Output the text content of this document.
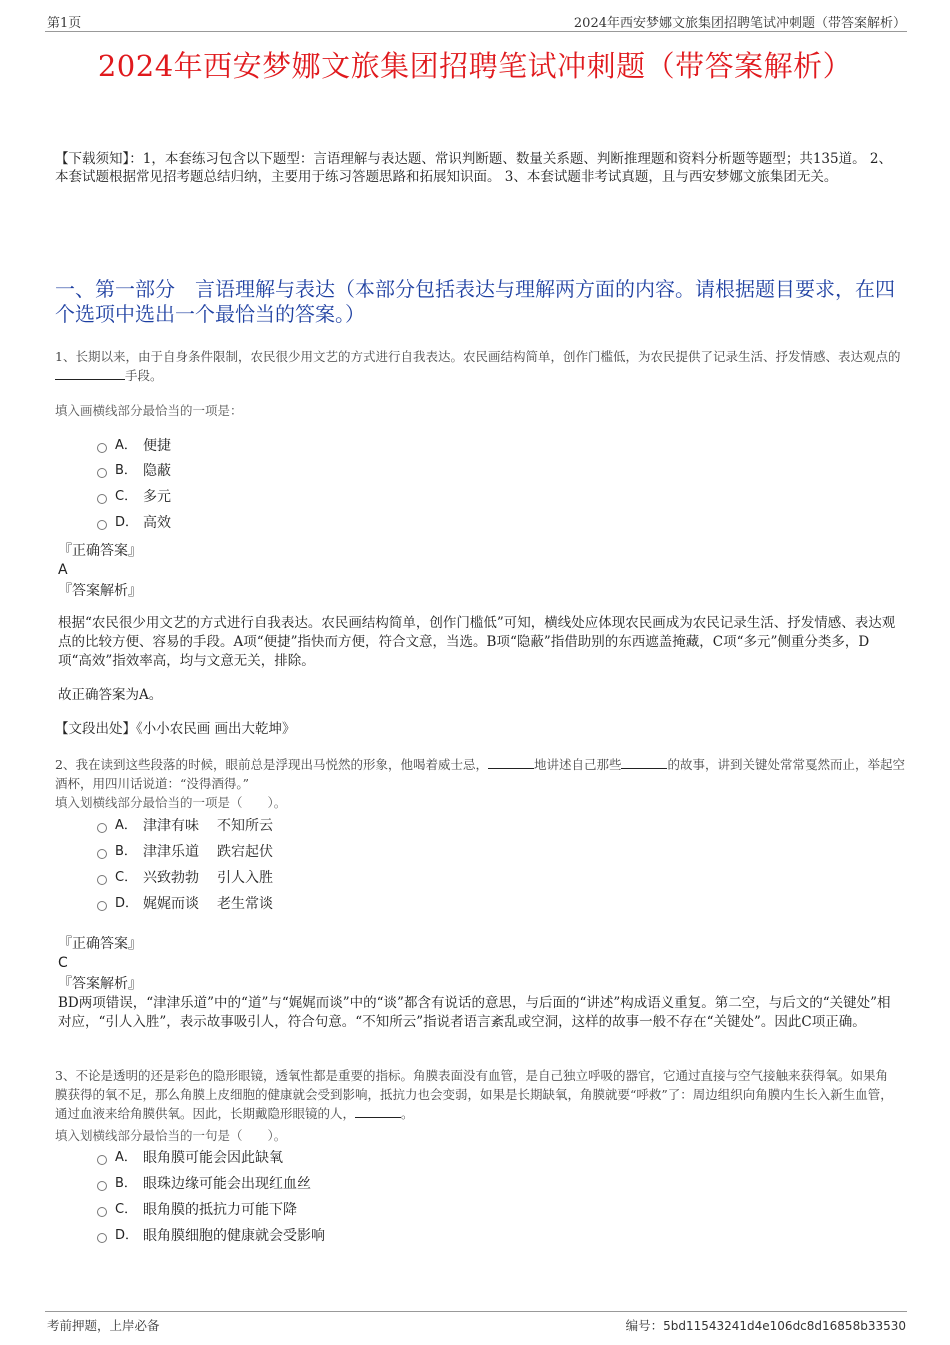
第1页	2024年西安梦娜文旅集团招聘笔试冲刺题（带答案解析）
2024年西安梦娜文旅集团招聘笔试冲刺题（带答案解析）
【下载须知】：1，本套练习包含以下题型：言语理解与表达题、常识判断题、数量关系题、判断推理题和资料分析题等题型；共135道。 2、本套试题根据常见招考题总结归纳，主要用于练习答题思路和拓展知识面。 3、本套试题非考试真题，且与西安梦娜文旅集团无关。
一、第一部分　言语理解与表达（本部分包括表达与理解两方面的内容。请根据题目要求，在四个选项中选出一个最恰当的答案。）
1、长期以来，由于自身条件限制，农民很少用文艺的方式进行自我表达。农民画结构简单，创作门槛低，为农民提供了记录生活、抒发情感、表达观点的手段。
填入画横线部分最恰当的一项是：
A． 便捷
B． 隐蔽
C． 多元
D． 高效
『正确答案』
A
『答案解析』
根据“农民很少用文艺的方式进行自我表达。农民画结构简单，创作门槛低”可知，横线处应体现农民画成为农民记录生活、抒发情感、表达观点的比较方便、容易的手段。A项“便捷”指快而方便，符合文意，当选。B项“隐蔽”指借助别的东西遮盖掩藏，C项“多元”侧重分类多，D项“高效”指效率高，均与文意无关，排除。
故正确答案为A。
【文段出处】《小小农民画 画出大乾坤》
2、我在读到这些段落的时候，眼前总是浮现出马悦然的形象，他喝着威士忌，	地讲述自己那些	的故事，讲到关键处常常戛然而止，举起空酒杯，用四川话说道：“没得酒得。”
填入划横线部分最恰当的一项是（　　）。
A． 津津有味 不知所云
B． 津津乐道 跌宕起伏
C． 兴致勃勃 引人入胜
D． 娓娓而谈 老生常谈
『正确答案』
C
『答案解析』
BD两项错误，“津津乐道”中的“道”与“娓娓而谈”中的“谈”都含有说话的意思，与后面的“讲述”构成语义重复。第二空，与后文的“关键处”相对应，“引人入胜”，表示故事吸引人，符合句意。“不知所云”指说者语言紊乱或空洞，这样的故事一般不存在“关键处”。因此C项正确。
3、不论是透明的还是彩色的隐形眼镜，透氧性都是重要的指标。角膜表面没有血管，是自己独立呼吸的器官，它通过直接与空气接触来获得氧。如果角膜获得的氧不足，那么角膜上皮细胞的健康就会受到影响，抵抗力也会变弱，如果是长期缺氧，角膜就要“呼救”了：周边组织向角膜内生长入新生血管，通过血液来给角膜供氧。因此，长期戴隐形眼镜的人，	。
填入划横线部分最恰当的一句是（　　）。
A． 眼角膜可能会因此缺氧
B． 眼珠边缘可能会出现红血丝
C． 眼角膜的抵抗力可能下降
D． 眼角膜细胞的健康就会受影响
考前押题，上岸必备	编号：5bd11543241d4e106dc8d16858b33530
